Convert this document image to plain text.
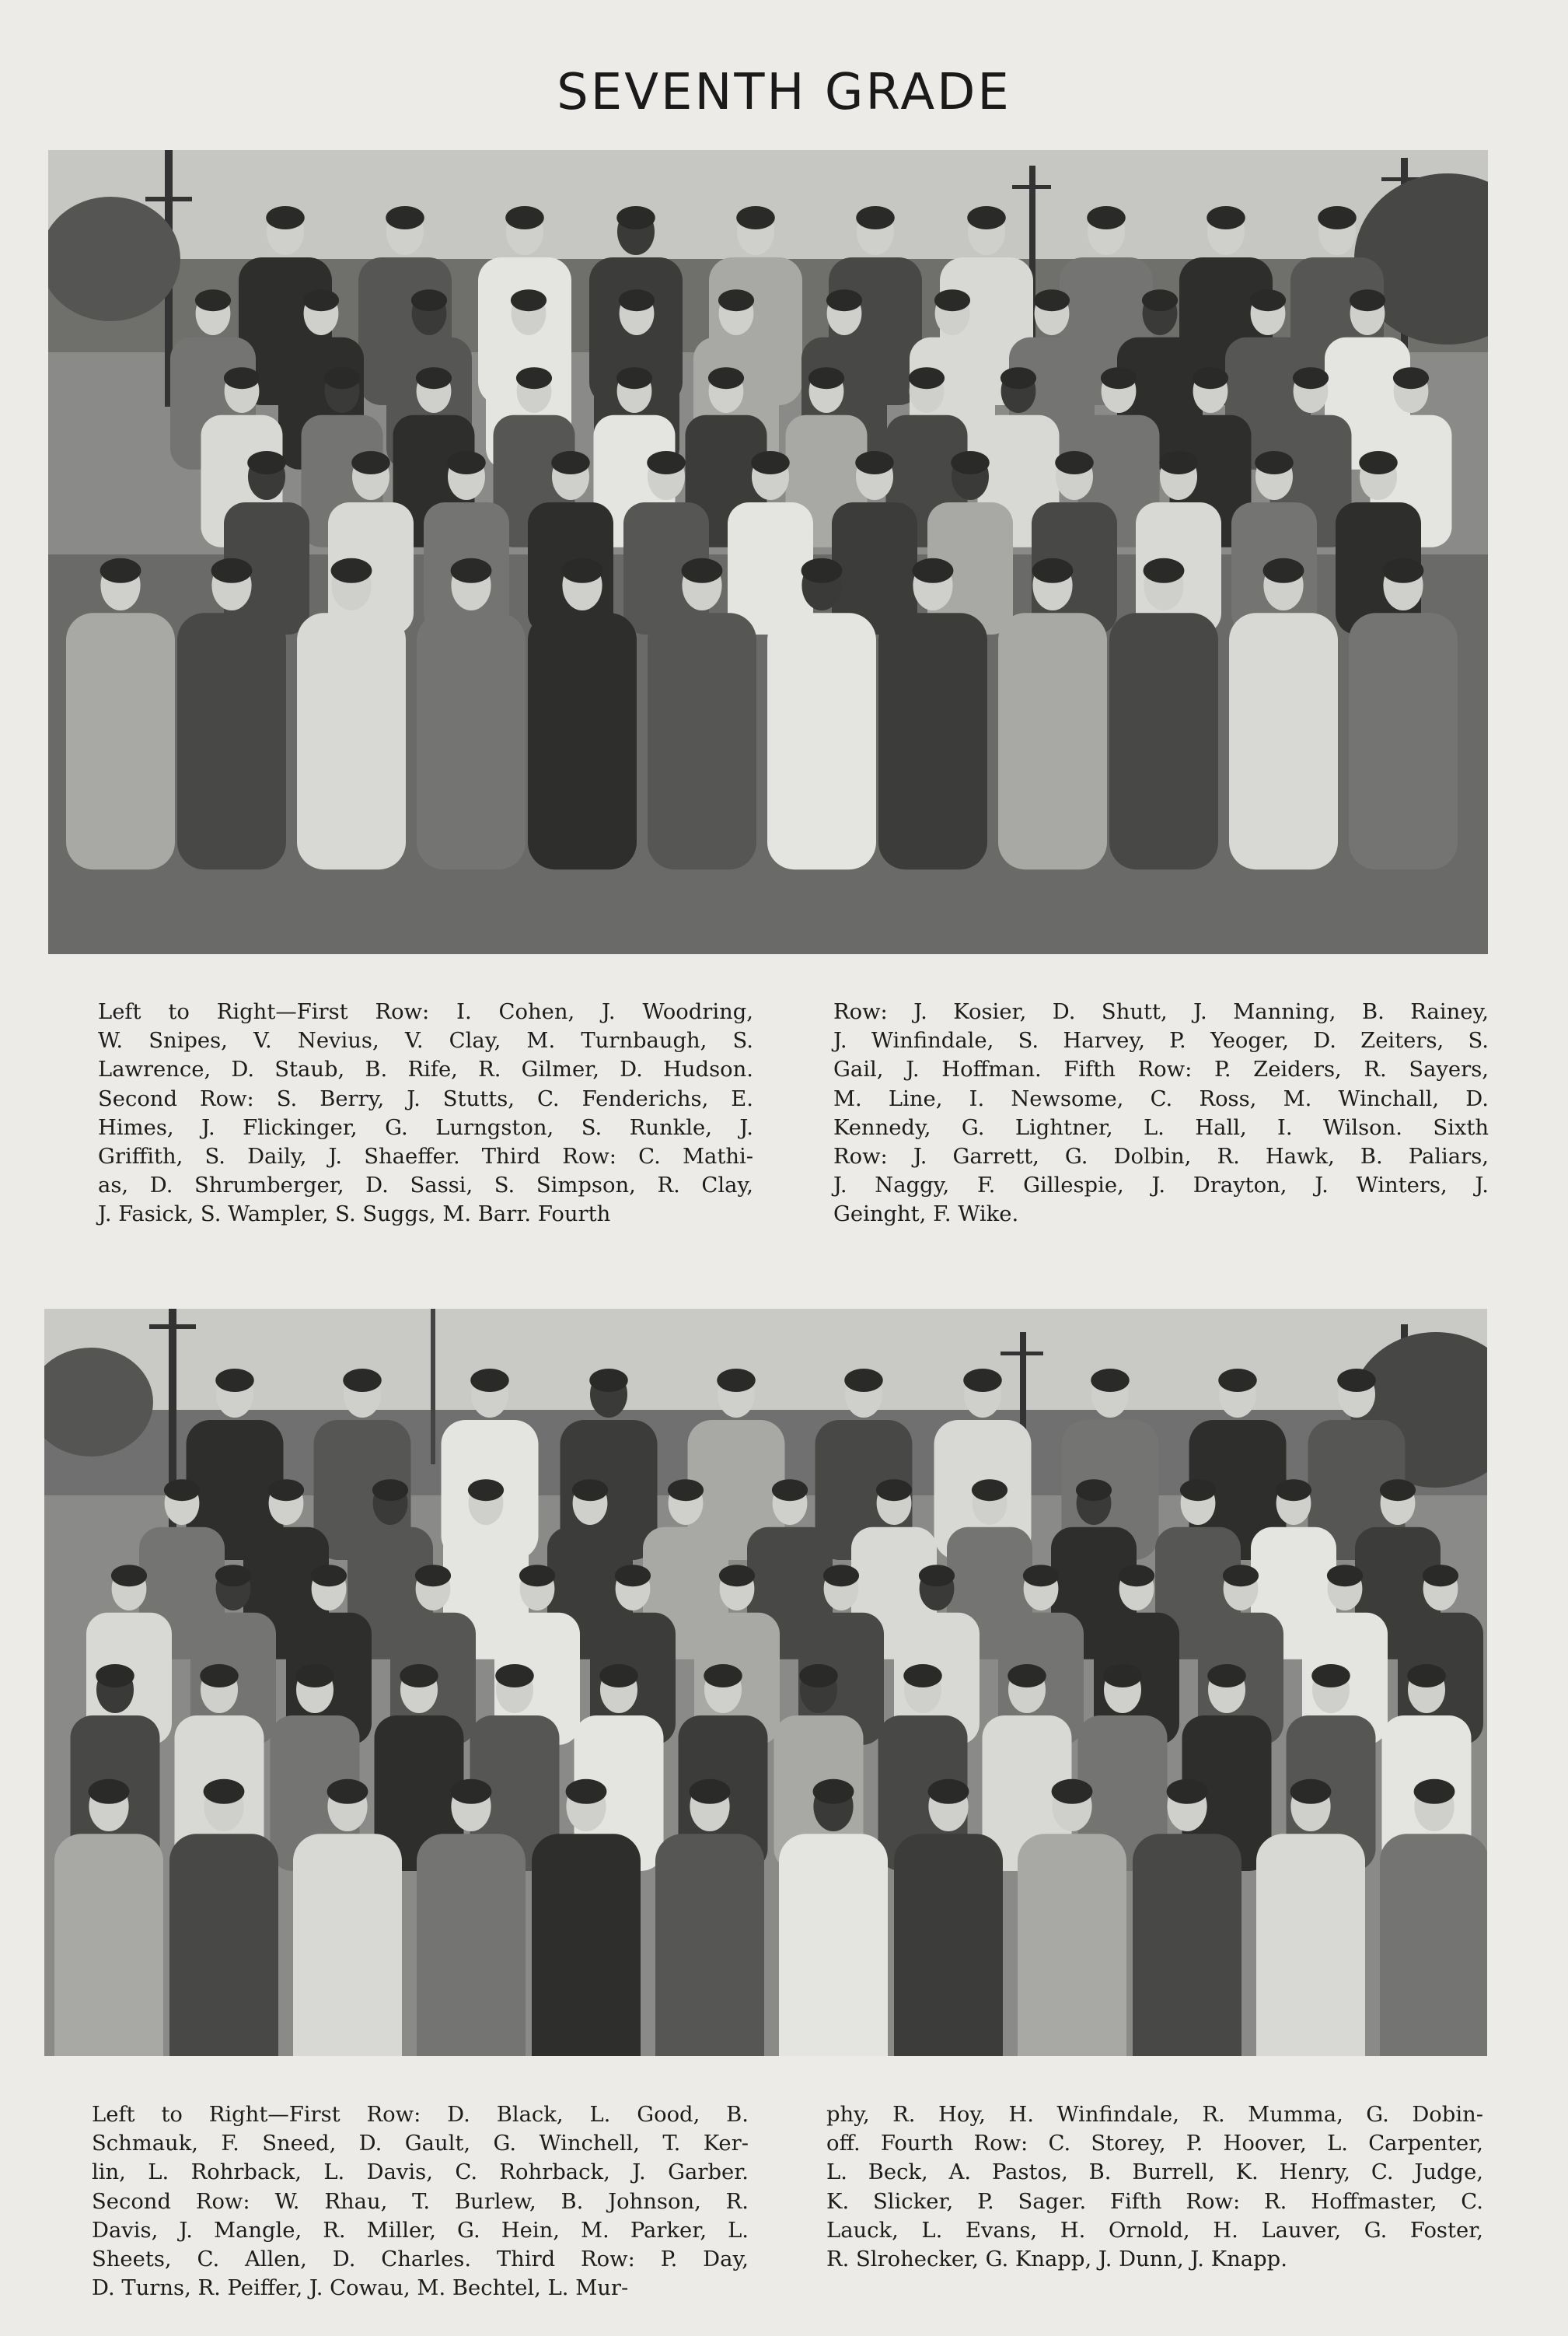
SEVENTH GRADE
Left to Right—First Row: I. Cohen, J. Woodring,
W. Snipes, V. Nevius, V. Clay, M. Turnbaugh, S.
Lawrence, D. Staub, B. Rife, R. Gilmer, D. Hudson.
Second Row: S. Berry, J. Stutts, C. Fenderichs, E.
Himes, J. Flickinger, G. Lurngston, S. Runkle, J.
Griffith, S. Daily, J. Shaeffer. Third Row: C. Mathi-
as, D. Shrumberger, D. Sassi, S. Simpson, R. Clay,
J. Fasick, S. Wampler, S. Suggs, M. Barr. Fourth
Row: J. Kosier, D. Shutt, J. Manning, B. Rainey,
J. Winfindale, S. Harvey, P. Yeoger, D. Zeiters, S.
Gail, J. Hoffman. Fifth Row: P. Zeiders, R. Sayers,
M. Line, I. Newsome, C. Ross, M. Winchall, D.
Kennedy, G. Lightner, L. Hall, I. Wilson. Sixth
Row: J. Garrett, G. Dolbin, R. Hawk, B. Paliars,
J. Naggy, F. Gillespie, J. Drayton, J. Winters, J.
Geinght, F. Wike.
Left to Right—First Row: D. Black, L. Good, B.
Schmauk, F. Sneed, D. Gault, G. Winchell, T. Ker-
lin, L. Rohrback, L. Davis, C. Rohrback, J. Garber.
Second Row: W. Rhau, T. Burlew, B. Johnson, R.
Davis, J. Mangle, R. Miller, G. Hein, M. Parker, L.
Sheets, C. Allen, D. Charles. Third Row: P. Day,
D. Turns, R. Peiffer, J. Cowau, M. Bechtel, L. Mur-
phy, R. Hoy, H. Winfindale, R. Mumma, G. Dobin-
off. Fourth Row: C. Storey, P. Hoover, L. Carpenter,
L. Beck, A. Pastos, B. Burrell, K. Henry, C. Judge,
K. Slicker, P. Sager. Fifth Row: R. Hoffmaster, C.
Lauck, L. Evans, H. Ornold, H. Lauver, G. Foster,
R. Slrohecker, G. Knapp, J. Dunn, J. Knapp.
